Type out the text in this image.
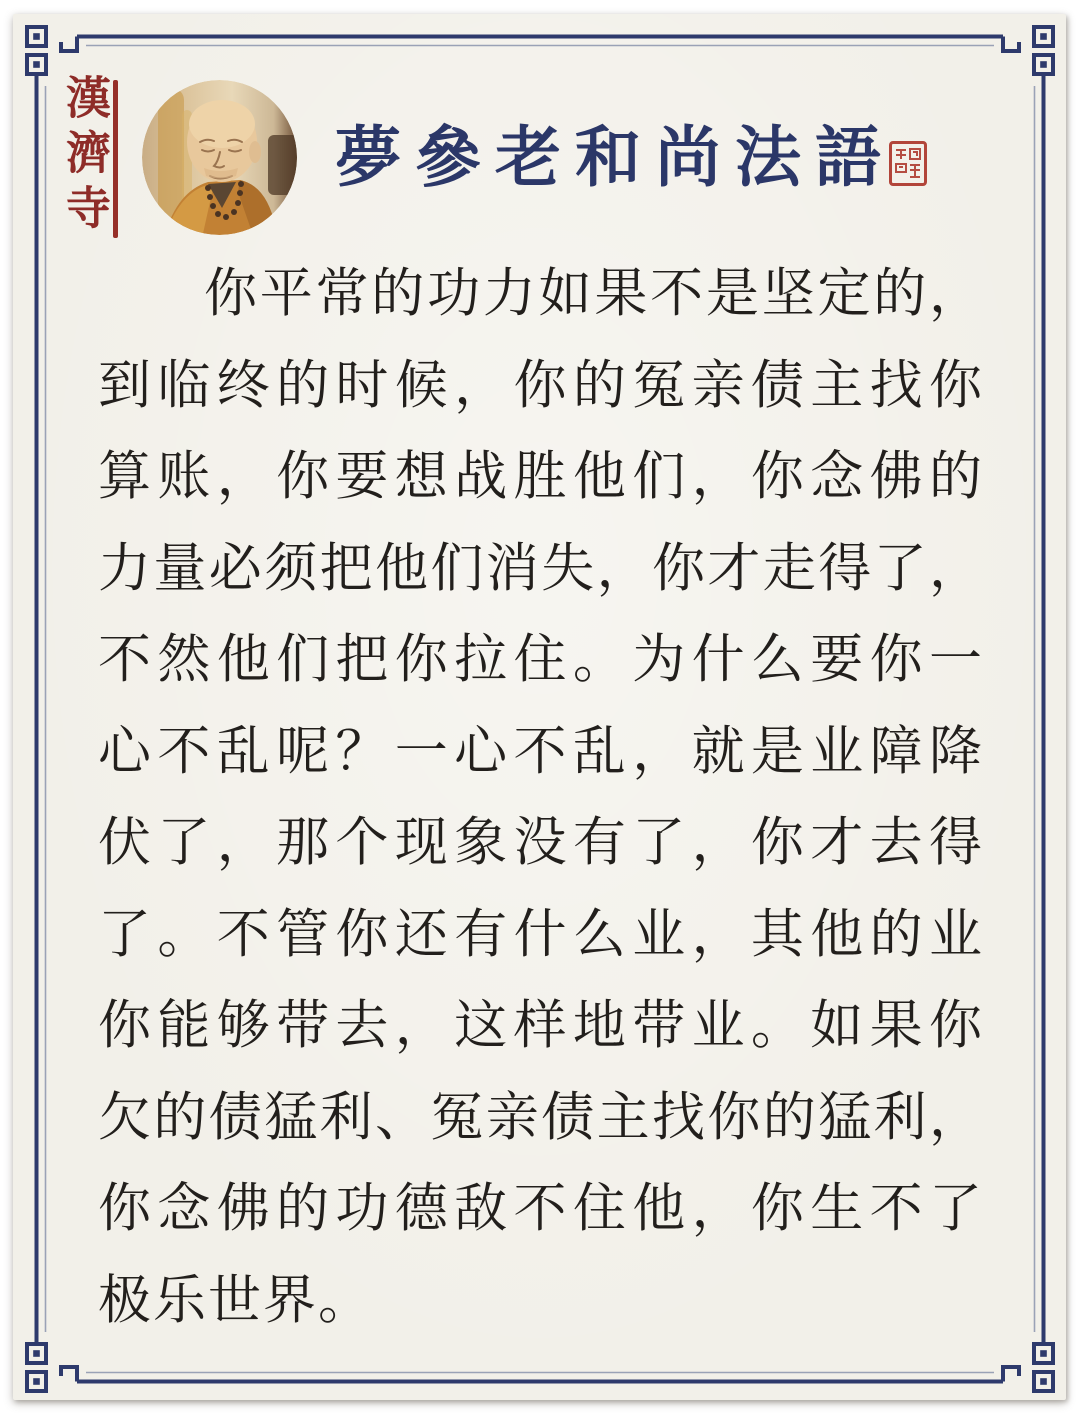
漢濟寺	夢參老和尚法語
你平常的功力如果不是坚定的，
到临终的时候，你的冤亲债主找你
算账，你要想战胜他们，你念佛的
力量必须把他们消失，你才走得了，
不然他们把你拉住。为什么要你一
心不乱呢？一心不乱，就是业障降
伏了，那个现象没有了，你才去得
了。不管你还有什么业，其他的业
你能够带去，这样地带业。如果你
欠的债猛利、冤亲债主找你的猛利，
你念佛的功德敌不住他，你生不了
极乐世界。
